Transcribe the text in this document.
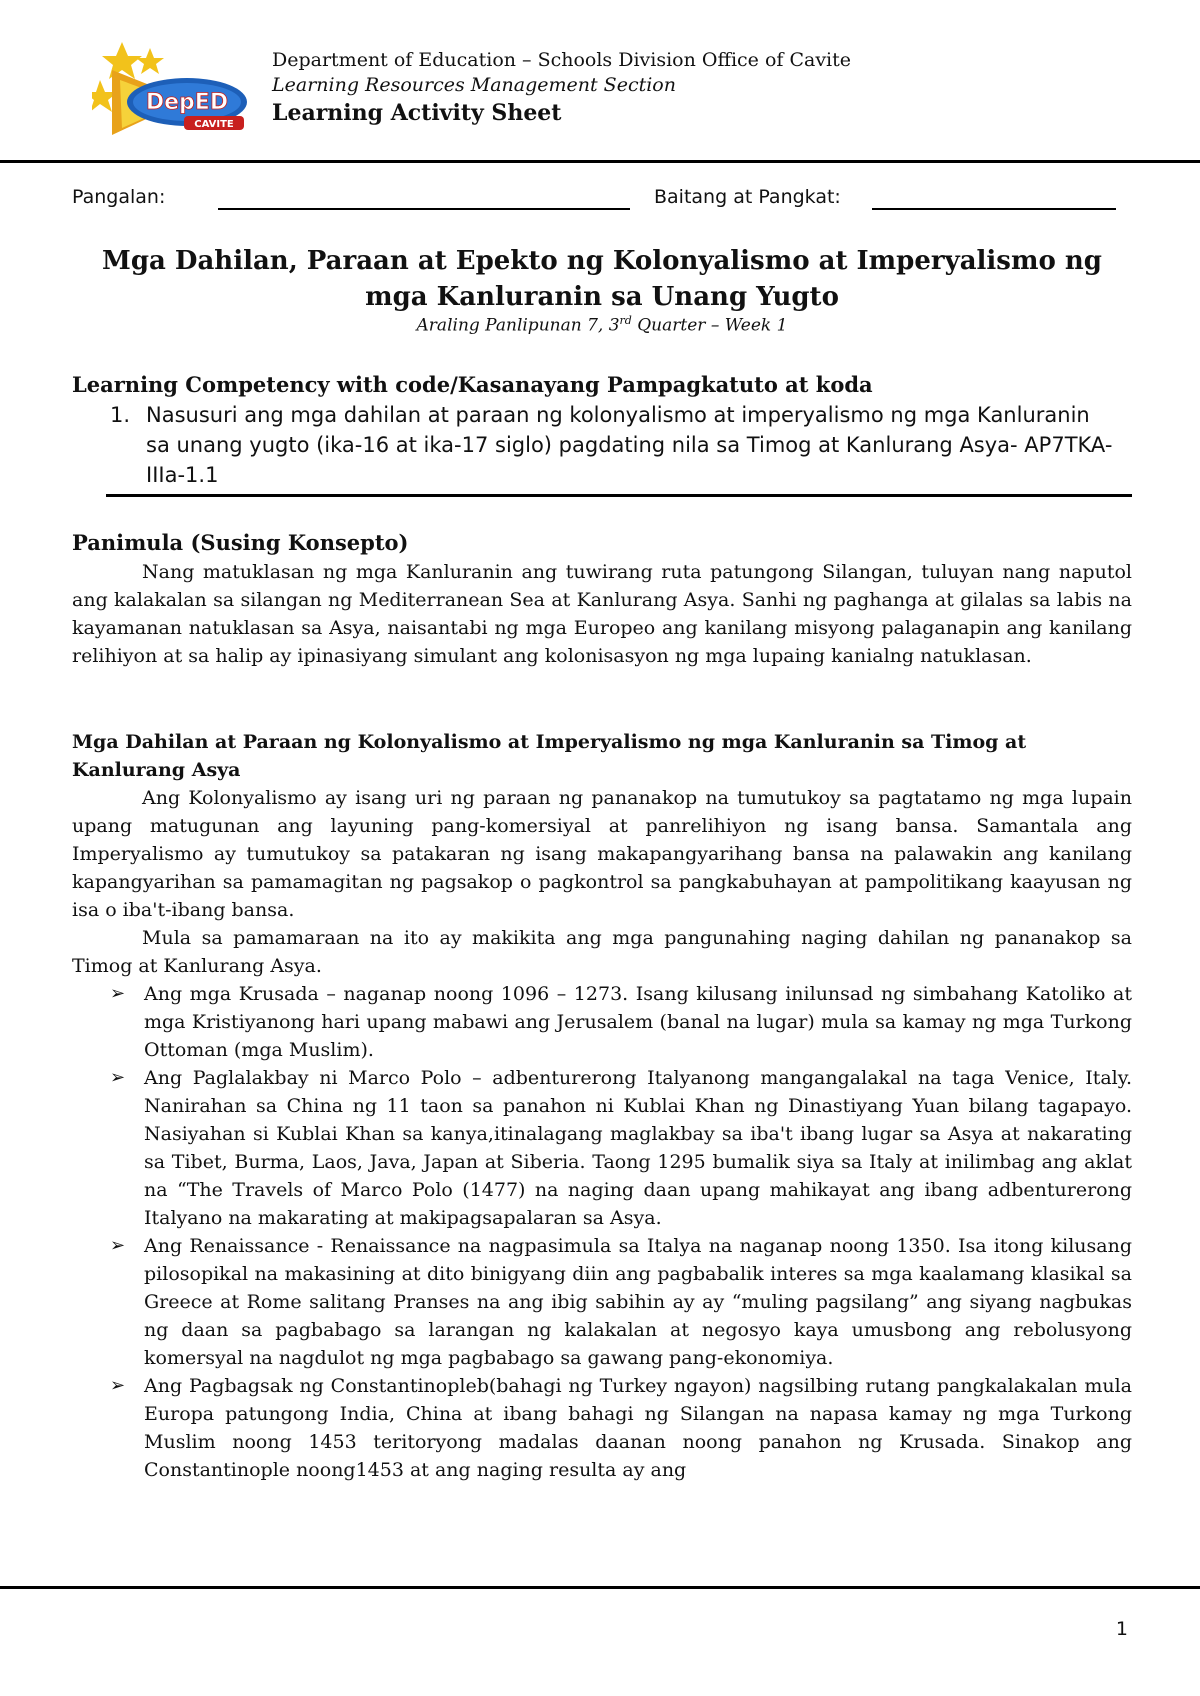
DepED
CAVITE
Department of Education – Schools Division Office of Cavite
Learning Resources Management Section
Learning Activity Sheet
Pangalan:	Baitang at Pangkat:
Mga Dahilan, Paraan at Epekto ng Kolonyalismo at Imperyalismo ng
mga Kanluranin sa Unang Yugto
Araling Panlipunan 7, 3rd Quarter – Week 1
Learning Competency with code/Kasanayang Pampagkatuto at koda
1. Nasusuri ang mga dahilan at paraan ng kolonyalismo at imperyalismo ng mga Kanluranin sa unang yugto (ika-16 at ika-17 siglo) pagdating nila sa Timog at Kanlurang Asya- AP7TKA-IIIa-1.1
Panimula (Susing Konsepto)

Nang matuklasan ng mga Kanluranin ang tuwirang ruta patungong Silangan, tuluyan nang naputol ang kalakalan sa silangan ng Mediterranean Sea at Kanlurang Asya. Sanhi ng paghanga at gilalas sa labis na kayamanan natuklasan sa Asya, naisantabi ng mga Europeo ang kanilang misyong palaganapin ang kanilang relihiyon at sa halip ay ipinasiyang simulant ang kolonisasyon ng mga lupaing kanialng natuklasan.

Mga Dahilan at Paraan ng Kolonyalismo at Imperyalismo ng mga Kanluranin sa Timog at Kanlurang Asya

Ang Kolonyalismo ay isang uri ng paraan ng pananakop na tumutukoy sa pagtatamo ng mga lupain upang matugunan ang layuning pang-komersiyal at panrelihiyon ng isang bansa. Samantala ang Imperyalismo ay tumutukoy sa patakaran ng isang makapangyarihang bansa na palawakin ang kanilang kapangyarihan sa pamamagitan ng pagsakop o pagkontrol sa pangkabuhayan at pampolitikang kaayusan ng isa o iba't-ibang bansa.

Mula sa pamamaraan na ito ay makikita ang mga pangunahing naging dahilan ng pananakop sa Timog at Kanlurang Asya.

➢ Ang mga Krusada – naganap noong 1096 – 1273. Isang kilusang inilunsad ng simbahang Katoliko at mga Kristiyanong hari upang mabawi ang Jerusalem (banal na lugar) mula sa kamay ng mga Turkong Ottoman (mga Muslim).
➢ Ang Paglalakbay ni Marco Polo – adbenturerong Italyanong mangangalakal na taga Venice, Italy. Nanirahan sa China ng 11 taon sa panahon ni Kublai Khan ng Dinastiyang Yuan bilang tagapayo. Nasiyahan si Kublai Khan sa kanya,itinalagang maglakbay sa iba't ibang lugar sa Asya at nakarating sa Tibet, Burma, Laos, Java, Japan at Siberia. Taong 1295 bumalik siya sa Italy at inilimbag ang aklat na “The Travels of Marco Polo (1477) na naging daan upang mahikayat ang ibang adbenturerong Italyano na makarating at makipagsapalaran sa Asya.
➢ Ang Renaissance - Renaissance na nagpasimula sa Italya na naganap noong 1350. Isa itong kilusang pilosopikal na makasining at dito binigyang diin ang pagbabalik interes sa mga kaalamang klasikal sa Greece at Rome salitang Pranses na ang ibig sabihin ay ay “muling pagsilang” ang siyang nagbukas ng daan sa pagbabago sa larangan ng kalakalan at negosyo kaya umusbong ang rebolusyong komersyal na nagdulot ng mga pagbabago sa gawang pang-ekonomiya.
➢ Ang Pagbagsak ng Constantinopleb(bahagi ng Turkey ngayon) nagsilbing rutang pangkalakalan mula Europa patungong India, China at ibang bahagi ng Silangan na napasa kamay ng mga Turkong Muslim noong 1453 teritoryong madalas daanan noong panahon ng Krusada. Sinakop ang Constantinople noong1453 at ang naging resulta ay ang
1
